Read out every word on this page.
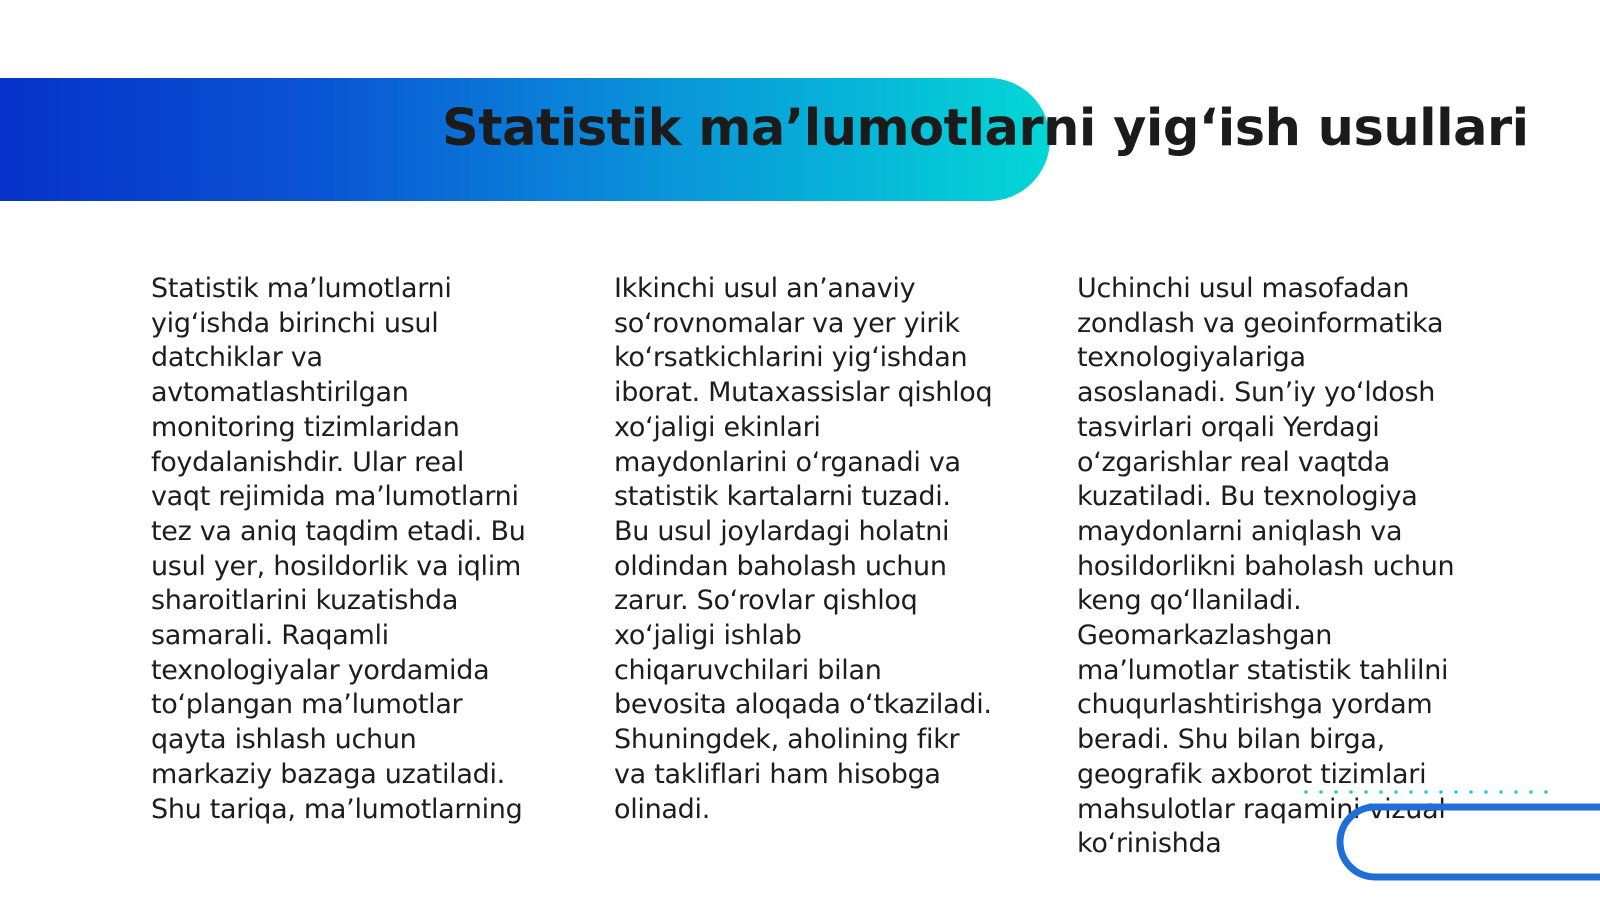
Statistik ma’lumotlarni yig‘ish usullari

Statistik ma’lumotlarni yig‘ishda birinchi usul datchiklar va avtomatlashtirilgan monitoring tizimlaridan foydalanishdir. Ular real vaqt rejimida ma’lumotlarni tez va aniq taqdim etadi. Bu usul yer, hosildorlik va iqlim sharoitlarini kuzatishda samarali. Raqamli texnologiyalar yordamida to‘plangan ma’lumotlar qayta ishlash uchun markaziy bazaga uzatiladi. Shu tariqa, ma’lumotlarning

Ikkinchi usul an’anaviy so‘rovnomalar va yer yirik ko‘rsatkichlarini yig‘ishdan iborat. Mutaxassislar qishloq xo‘jaligi ekinlari maydonlarini o‘rganadi va statistik kartalarni tuzadi. Bu usul joylardagi holatni oldindan baholash uchun zarur. So‘rovlar qishloq xo‘jaligi ishlab chiqaruvchilari bilan bevosita aloqada o‘tkaziladi. Shuningdek, aholining fikr va takliflari ham hisobga olinadi.

Uchinchi usul masofadan zondlash va geoinformatika texnologiyalariga asoslanadi. Sun’iy yo‘ldosh tasvirlari orqali Yerdagi o‘zgarishlar real vaqtda kuzatiladi. Bu texnologiya maydonlarni aniqlash va hosildorlikni baholash uchun keng qo‘llaniladi. Geomarkazlashgan ma’lumotlar statistik tahlilni chuqurlashtirishga yordam beradi. Shu bilan birga, geografik axborot tizimlari mahsulotlar raqamini vizual ko‘rinishda
